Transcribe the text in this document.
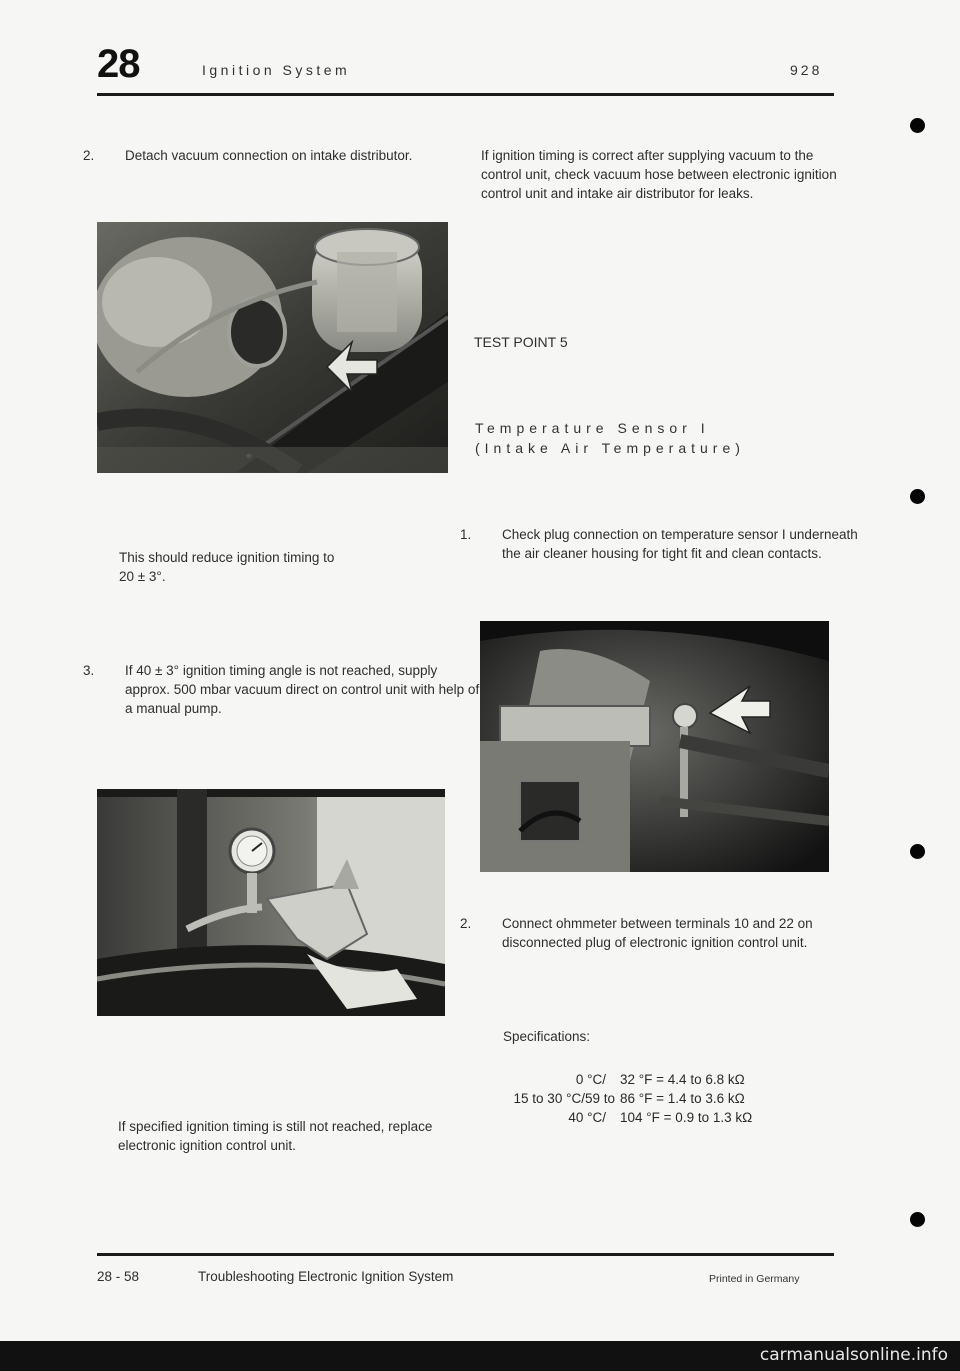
28	Ignition System	928
2. Detach vacuum connection on intake distributor.
This should reduce ignition timing to
20 ± 3°.
3. If 40 ± 3° ignition timing angle is not reached, supply approx. 500 mbar vacuum direct on control unit with help of a manual pump.
If specified ignition timing is still not reached, replace electronic ignition control unit.
If ignition timing is correct after supplying vacuum to the control unit, check vacuum hose between electronic ignition control unit and intake air distributor for leaks.
TEST POINT 5
Temperature Sensor I
(Intake Air Temperature)
1. Check plug connection on temperature sensor I underneath the air cleaner housing for tight fit and clean contacts.
2. Connect ohmmeter between terminals 10 and 22 on disconnected plug of electronic ignition control unit.
Specifications:
0 °C/	32 °F = 4.4 to 6.8 kΩ
15 to 30 °C/59 to 86 °F = 1.4 to 3.6 kΩ
40 °C/	104 °F = 0.9 to 1.3 kΩ
28 - 58	Troubleshooting Electronic Ignition System	Printed in Germany
carmanualsonline.info
